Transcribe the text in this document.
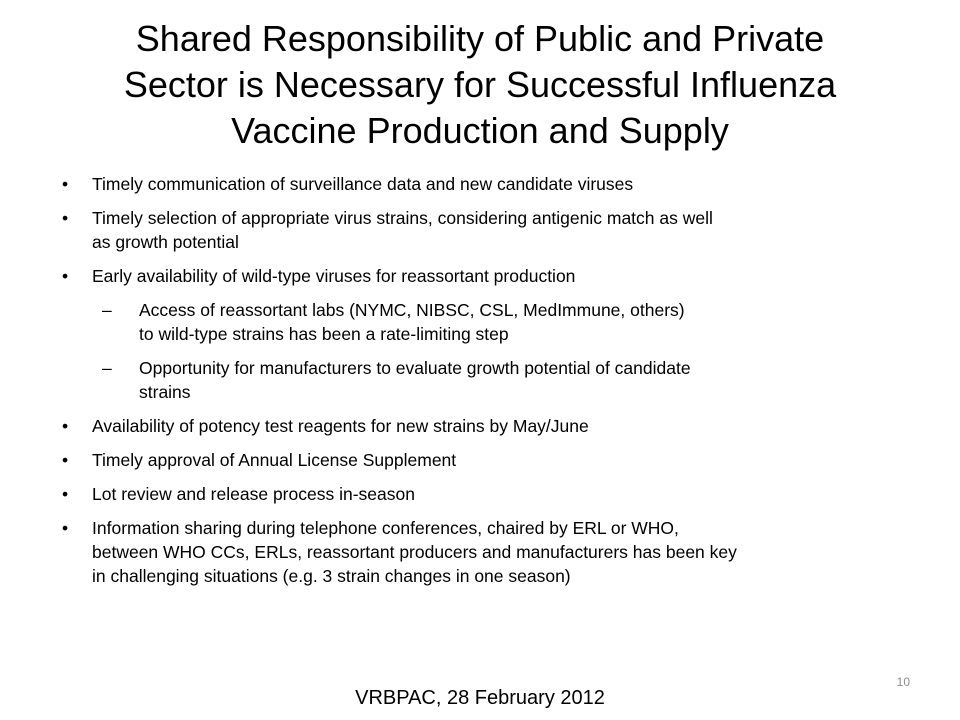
Shared Responsibility of Public and Private
Sector is Necessary for Successful Influenza
Vaccine Production and Supply
•	Timely communication of surveillance data and new candidate viruses
•	Timely selection of appropriate virus strains, considering antigenic match as well
as growth potential
•	Early availability of wild-type viruses for reassortant production
– Access of reassortant labs (NYMC, NIBSC, CSL, MedImmune, others)
to wild-type strains has been a rate-limiting step
– Opportunity for manufacturers to evaluate growth potential of candidate
strains
•	Availability of potency test reagents for new strains by May/June
•	Timely approval of Annual License Supplement
•	Lot review and release process in-season
•	Information sharing during telephone conferences, chaired by ERL or WHO,
between WHO CCs, ERLs, reassortant producers and manufacturers has been key
in challenging situations (e.g. 3 strain changes in one season)
VRBPAC, 28 February 2012
10
